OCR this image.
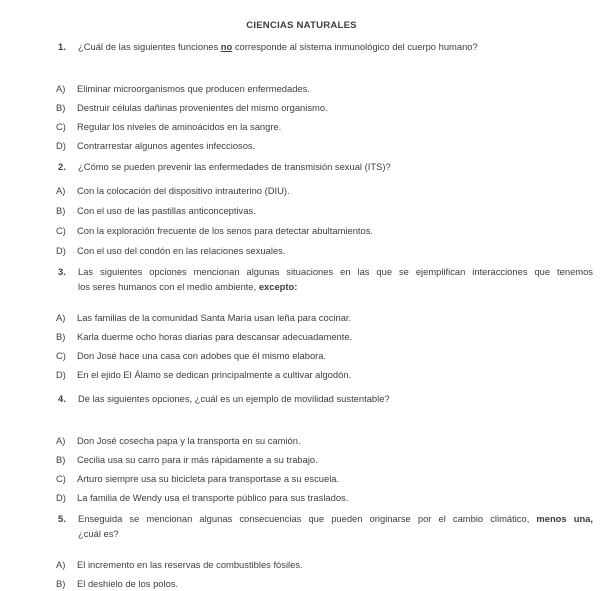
CIENCIAS NATURALES
1. ¿Cuál de las siguientes funciones no corresponde al sistema inmunológico del cuerpo humano?
A) Eliminar microorganismos que producen enfermedades.
B) Destruir células dañinas provenientes del mismo organismo.
C) Regular los niveles de aminoácidos en la sangre.
D) Contrarrestar algunos agentes infecciosos.
2. ¿Cómo se pueden prevenir las enfermedades de transmisión sexual (ITS)?
A) Con la colocación del dispositivo intrauterino (DIU).
B) Con el uso de las pastillas anticonceptivas.
C) Con la exploración frecuente de los senos para detectar abultamientos.
D) Con el uso del condón en las relaciones sexuales.
3. Las siguientes opciones mencionan algunas situaciones en las que se ejemplifican interacciones que tenemos
los seres humanos con el medio ambiente, excepto:
A) Las familias de la comunidad Santa María usan leña para cocinar.
B) Karla duerme ocho horas diarias para descansar adecuadamente.
C) Don José hace una casa con adobes que él mismo elabora.
D) En el ejido El Álamo se dedican principalmente a cultivar algodón.
4. De las siguientes opciones, ¿cuál es un ejemplo de movilidad sustentable?
A) Don José cosecha papa y la transporta en su camión.
B) Cecilia usa su carro para ir más rápidamente a su trabajo.
C) Arturo siempre usa su bicicleta para transportase a su escuela.
D) La familia de Wendy usa el transporte público para sus traslados.
5. Enseguida se mencionan algunas consecuencias que pueden originarse por el cambio climático, menos una,
¿cuál es?
A) El incremento en las reservas de combustibles fósiles.
B) El deshielo de los polos.
